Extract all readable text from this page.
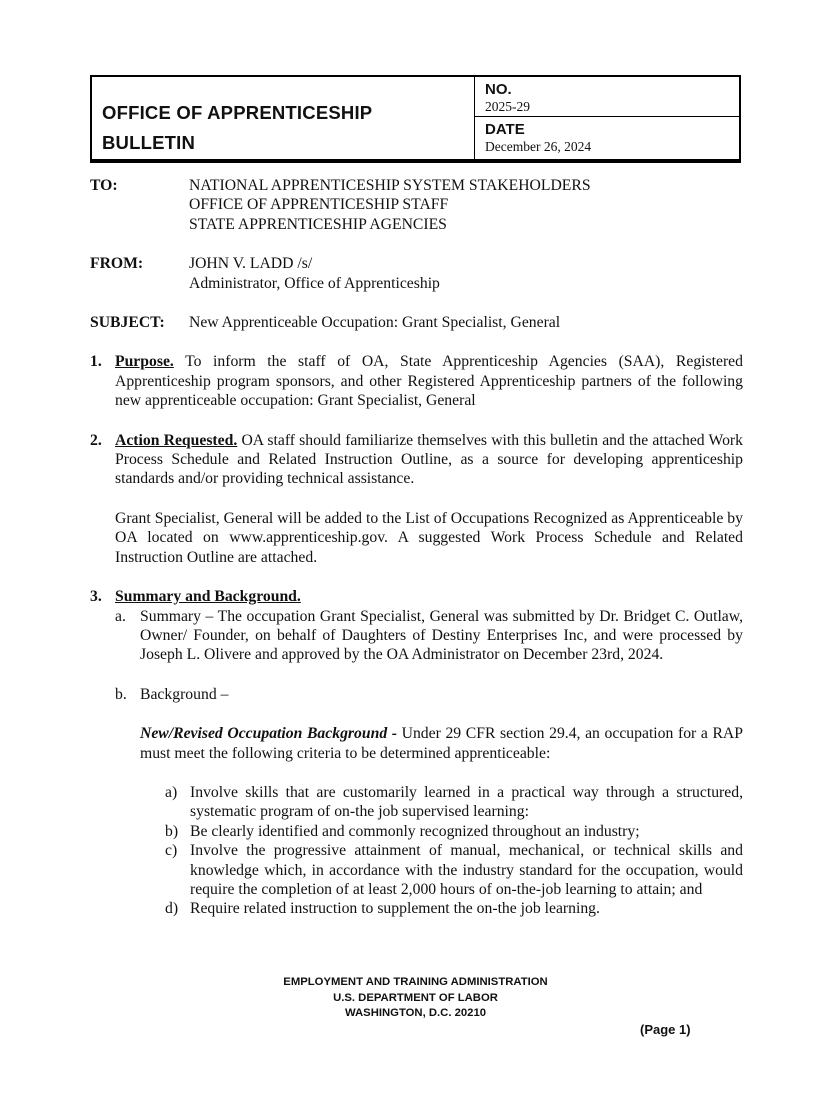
OFFICE OF APPRENTICESHIP
BULLETIN
NO.
2025-29
DATE
December 26, 2024
TO:	NATIONAL APPRENTICESHIP SYSTEM STAKEHOLDERS
OFFICE OF APPRENTICESHIP STAFF
STATE APPRENTICESHIP AGENCIES
FROM:	JOHN V. LADD /s/
Administrator, Office of Apprenticeship
SUBJECT:	New Apprenticeable Occupation: Grant Specialist, General
1. Purpose. To inform the staff of OA, State Apprenticeship Agencies (SAA), Registered Apprenticeship program sponsors, and other Registered Apprenticeship partners of the following new apprenticeable occupation: Grant Specialist, General
2. Action Requested. OA staff should familiarize themselves with this bulletin and the attached Work Process Schedule and Related Instruction Outline, as a source for developing apprenticeship standards and/or providing technical assistance.
Grant Specialist, General will be added to the List of Occupations Recognized as Apprenticeable by OA located on www.apprenticeship.gov. A suggested Work Process Schedule and Related Instruction Outline are attached.
3. Summary and Background.
a. Summary – The occupation Grant Specialist, General was submitted by Dr. Bridget C. Outlaw, Owner/ Founder, on behalf of Daughters of Destiny Enterprises Inc, and were processed by Joseph L. Olivere and approved by the OA Administrator on December 23rd, 2024.
b. Background –
New/Revised Occupation Background - Under 29 CFR section 29.4, an occupation for a RAP must meet the following criteria to be determined apprenticeable:
a) Involve skills that are customarily learned in a practical way through a structured, systematic program of on-the job supervised learning:
b) Be clearly identified and commonly recognized throughout an industry;
c) Involve the progressive attainment of manual, mechanical, or technical skills and knowledge which, in accordance with the industry standard for the occupation, would require the completion of at least 2,000 hours of on-the-job learning to attain; and
d) Require related instruction to supplement the on-the job learning.
EMPLOYMENT AND TRAINING ADMINISTRATION
U.S. DEPARTMENT OF LABOR
WASHINGTON, D.C. 20210
(Page 1)
